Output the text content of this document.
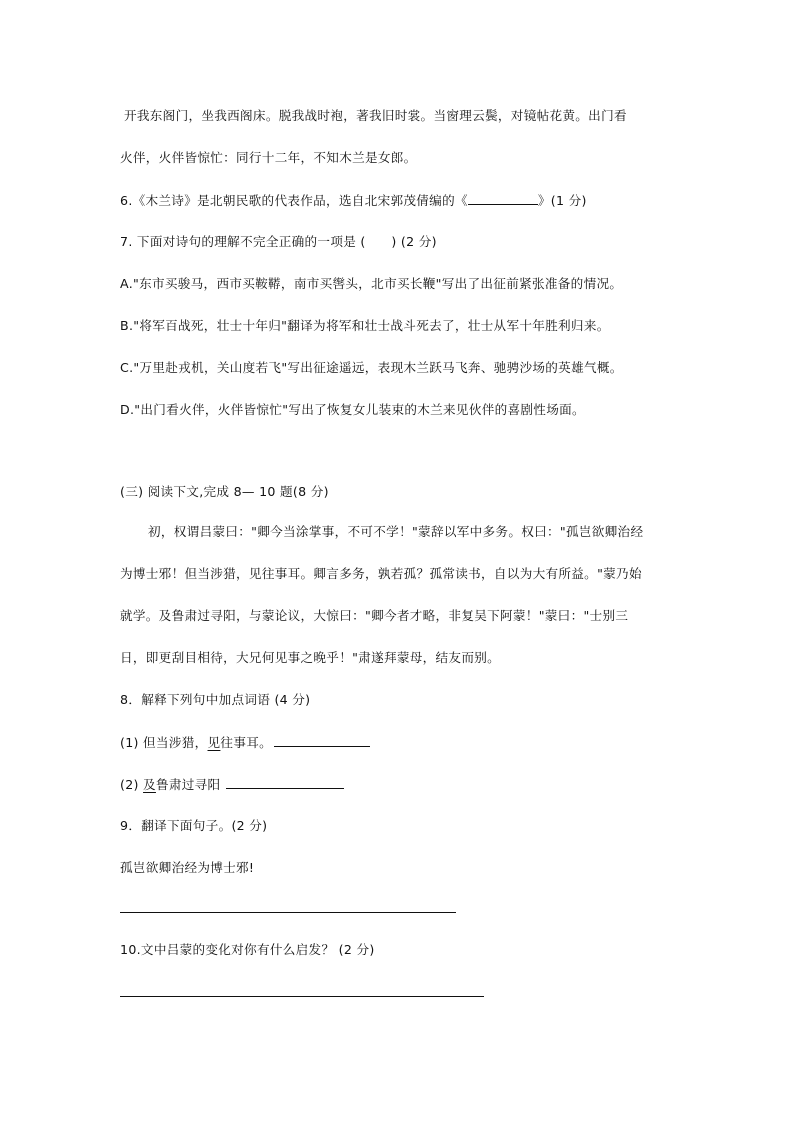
开我东阁门，坐我西阁床。脱我战时袍，著我旧时裳。当窗理云鬓，对镜帖花黄。出门看
火伴，火伴皆惊忙：同行十二年，不知木兰是女郎。
6.《木兰诗》是北朝民歌的代表作品，选自北宋郭茂倩编的《	》(1 分)
7. 下面对诗句的理解不完全正确的一项是 (　　) (2 分)
A."东市买骏马，西市买鞍鞯，南市买辔头，北市买长鞭"写出了出征前紧张准备的情况。
B."将军百战死，壮士十年归"翻译为将军和壮士战斗死去了，壮士从军十年胜利归来。
C."万里赴戎机，关山度若飞"写出征途遥远，表现木兰跃马飞奔、驰骋沙场的英雄气概。
D."出门看火伴，火伴皆惊忙"写出了恢复女儿装束的木兰来见伙伴的喜剧性场面。
(三) 阅读下文,完成 8— 10 题(8 分)
初，权谓吕蒙曰："卿今当涂掌事，不可不学！"蒙辞以军中多务。权曰："孤岂欲卿治经
为博士邪！但当涉猎，见往事耳。卿言多务，孰若孤？孤常读书，自以为大有所益。"蒙乃始
就学。及鲁肃过寻阳，与蒙论议，大惊曰："卿今者才略，非复吴下阿蒙！"蒙曰："士别三
日，即更刮目相待，大兄何见事之晚乎！"肃遂拜蒙母，结友而别。
8．解释下列句中加点词语 (4 分)
(1) 但当涉猎，见往事耳。
(2) 及鲁肃过寻阳
9．翻译下面句子。(2 分)
孤岂欲卿治经为博士邪!
10.文中吕蒙的变化对你有什么启发？ (2 分)
